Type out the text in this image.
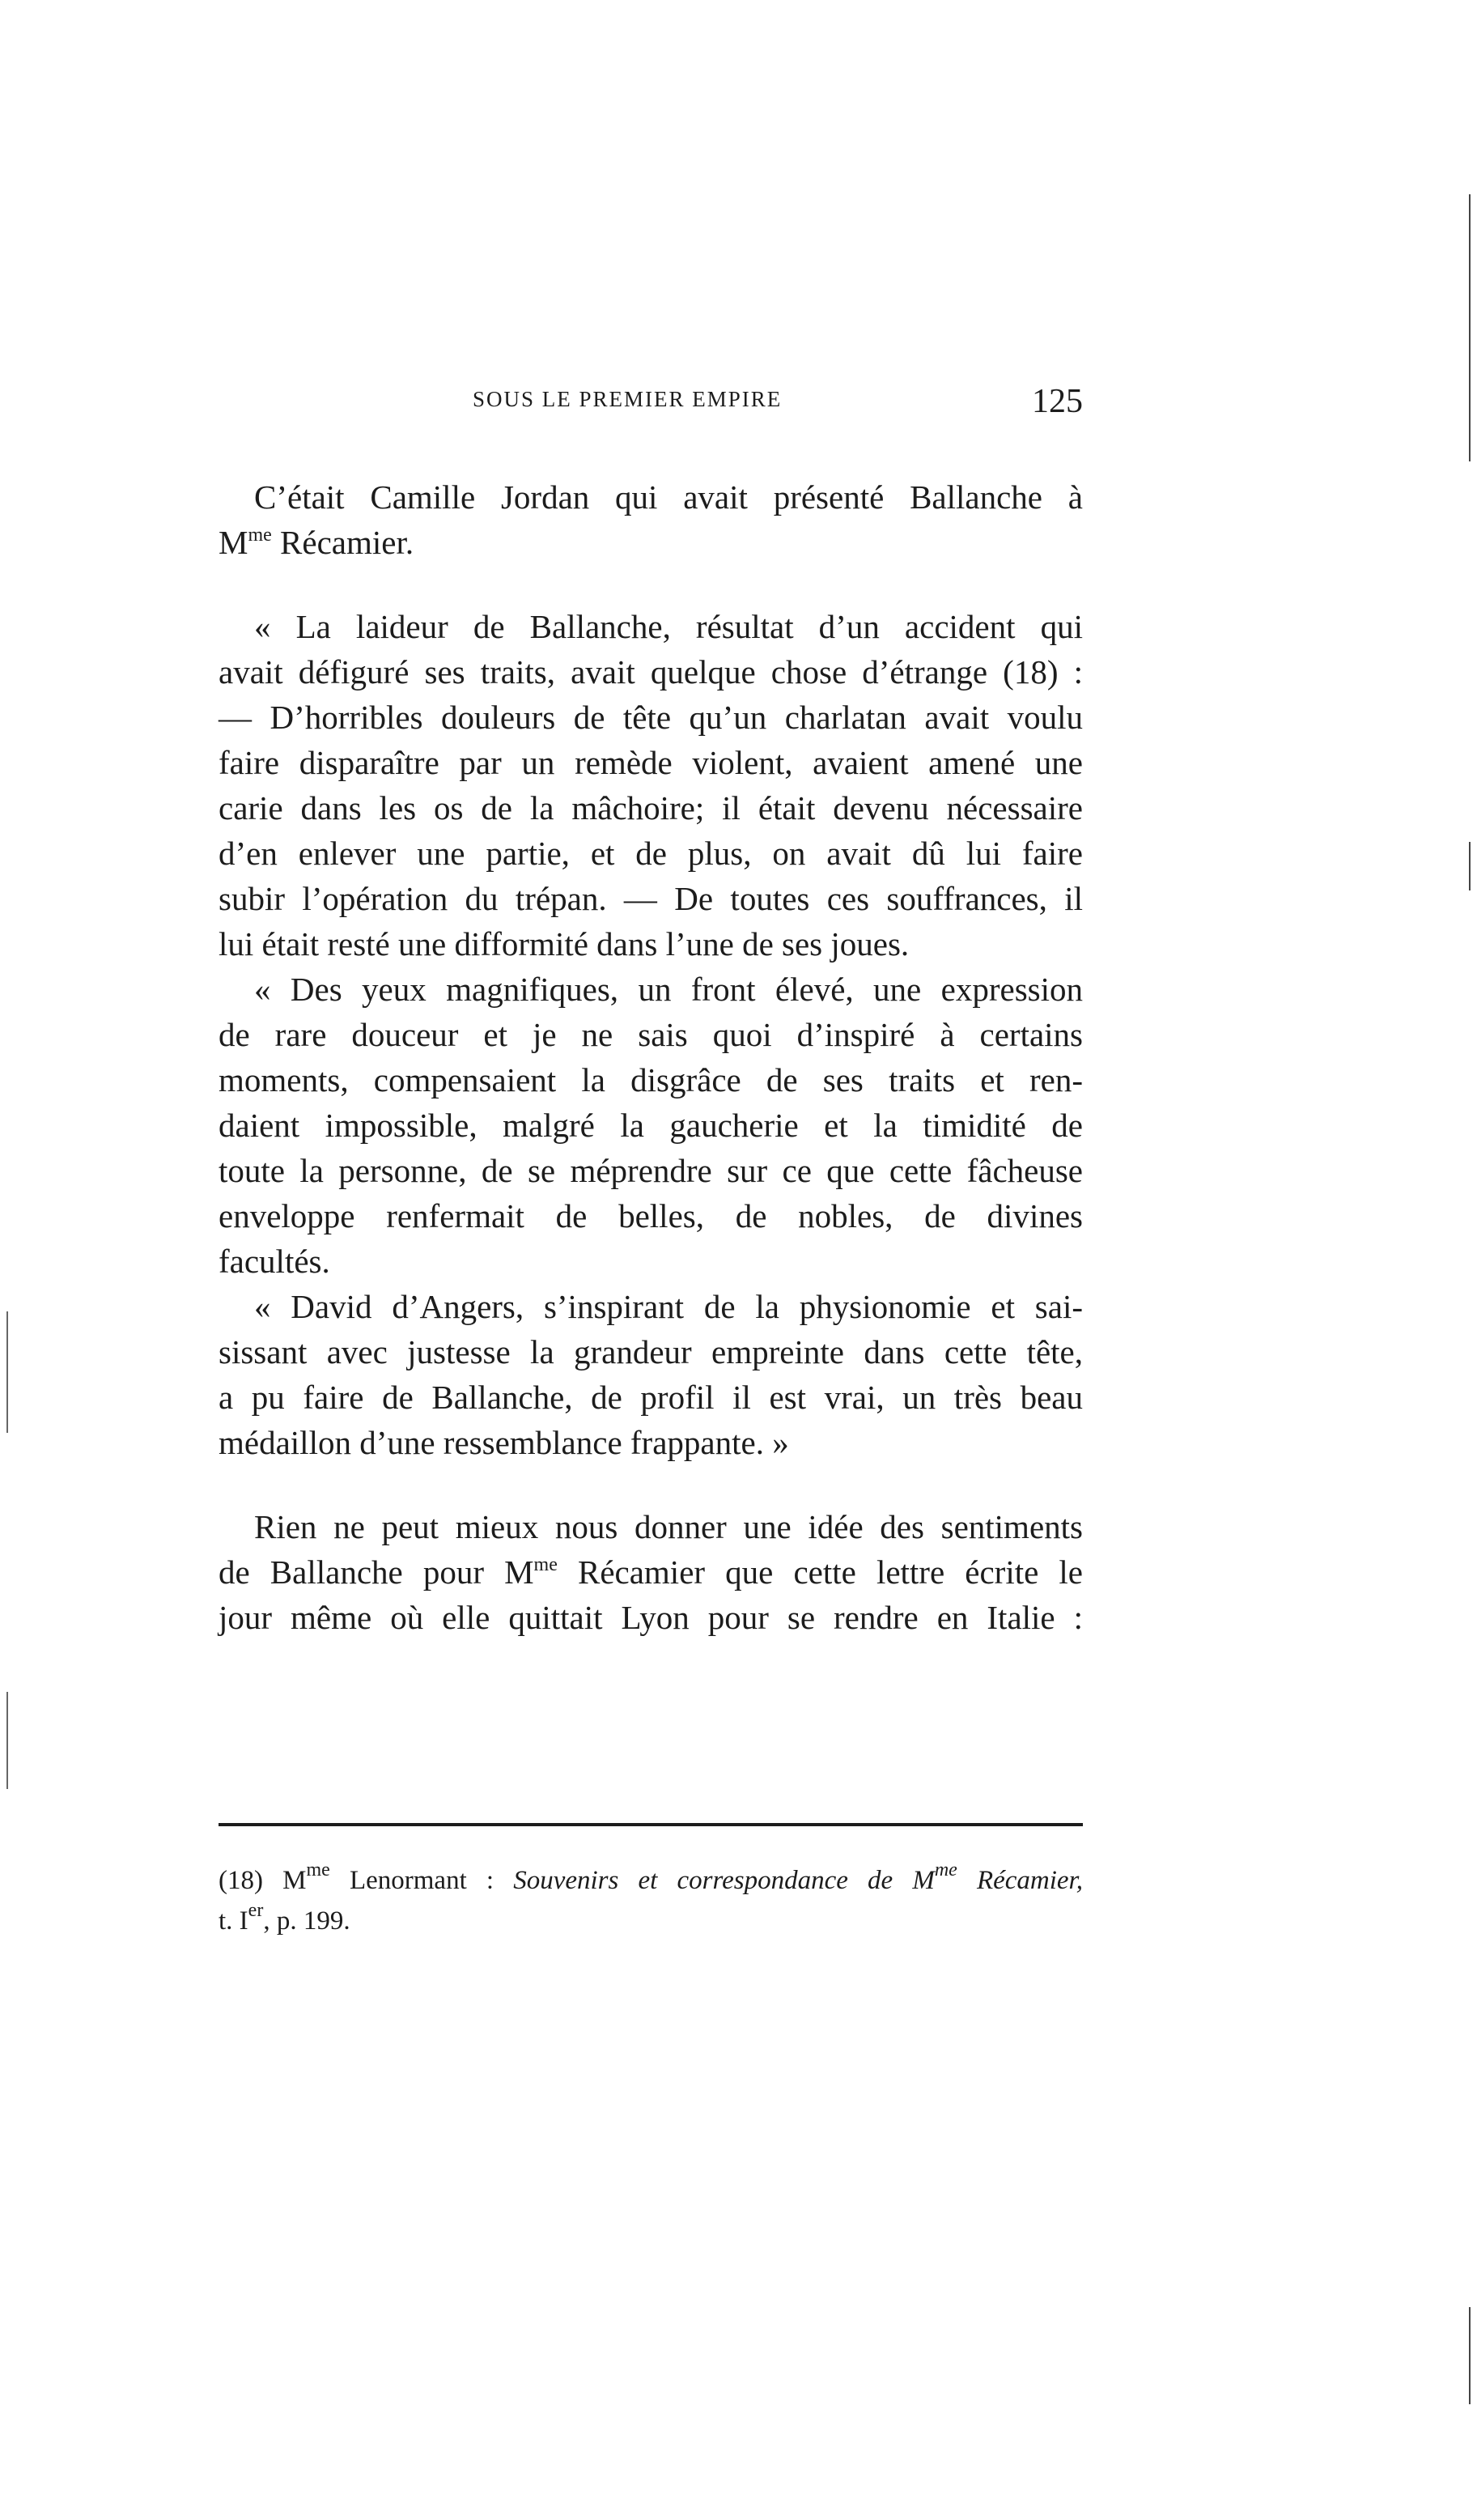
SOUS LE PREMIER EMPIRE	125

C’était Camille Jordan qui avait présenté Ballanche à

$M^{me}$ Récamier.

« La laideur de Ballanche, résultat d’un accident qui

avait défiguré ses traits, avait quelque chose d’étrange (18) :

— D’horribles douleurs de tête qu’un charlatan avait voulu

faire disparaître par un remède violent, avaient amené une

carie dans les os de la mâchoire; il était devenu nécessaire

d’en enlever une partie, et de plus, on avait dû lui faire

subir l’opération du trépan. — De toutes ces souffrances, il

lui était resté une difformité dans l’une de ses joues.

« Des yeux magnifiques, un front élevé, une expression

de rare douceur et je ne sais quoi d’inspiré à certains

moments, compensaient la disgrâce de ses traits et ren-

daient impossible, malgré la gaucherie et la timidité de

toute la personne, de se méprendre sur ce que cette fâcheuse

enveloppe renfermait de belles, de nobles, de divines

facultés.

« David d’Angers, s’inspirant de la physionomie et sai-

sissant avec justesse la grandeur empreinte dans cette tête,

a pu faire de Ballanche, de profil il est vrai, un très beau

médaillon d’une ressemblance frappante. »

Rien ne peut mieux nous donner une idée des sentiments

de Ballanche pour $M^{me}$ Récamier que cette lettre écrite le

jour même où elle quittait Lyon pour se rendre en Italie :

(18) $M^{me}$ Lenormant : Souvenirs et correspondance de $M^{me}$ Récamier,

t. Ier, p. 199.
